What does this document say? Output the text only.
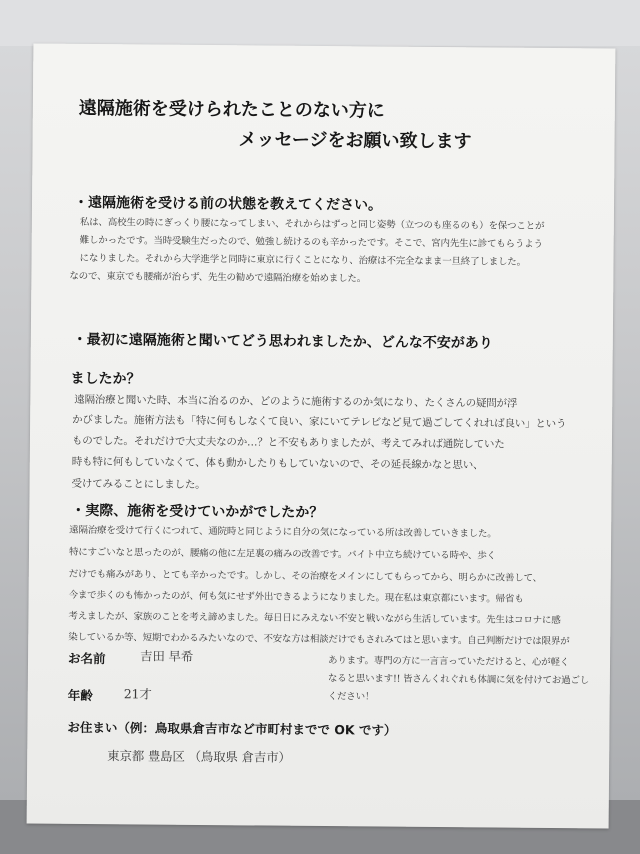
遠隔施術を受けられたことのない方に
メッセージをお願い致します
・遠隔施術を受ける前の状態を教えてください。
私は、高校生の時にぎっくり腰になってしまい、それからはずっと同じ姿勢（立つのも座るのも）を保つことが
難しかったです。当時受験生だったので、勉強し続けるのも辛かったです。そこで、宮内先生に診てもらうよう
になりました。それから大学進学と同時に東京に行くことになり、治療は不完全なまま一旦終了しました。
なので、東京でも腰痛が治らず、先生の勧めで遠隔治療を始めました。
・最初に遠隔施術と聞いてどう思われましたか、どんな不安があり
ましたか？
遠隔治療と聞いた時、本当に治るのか、どのように施術するのか気になり、たくさんの疑問が浮
かびました。施術方法も「特に何もしなくて良い、家にいてテレビなど見て過ごしてくれれば良い」という
ものでした。それだけで大丈夫なのか…？と不安もありましたが、考えてみれば通院していた
時も特に何もしていなくて、体も動かしたりもしていないので、その延長線かなと思い、
受けてみることにしました。
・実際、施術を受けていかがでしたか？
遠隔治療を受けて行くにつれて、通院時と同じように自分の気になっている所は改善していきました。
特にすごいなと思ったのが、腰痛の他に左足裏の痛みの改善です。バイト中立ち続けている時や、歩く
だけでも痛みがあり、とても辛かったです。しかし、その治療をメインにしてもらってから、明らかに改善して、
今まで歩くのも怖かったのが、何も気にせず外出できるようになりました。現在私は東京都にいます。帰省も
考えましたが、家族のことを考え諦めました。毎日日にみえない不安と戦いながら生活しています。先生はコロナに感
染しているか等、短期でわかるみたいなので、不安な方は相談だけでもされみてはと思います。自己判断だけでは限界が
あります。専門の方に一言言っていただけると、心が軽く
なると思います!! 皆さんくれぐれも体調に気を付けてお過ごし
ください！
お名前	吉田 早希
年齢 21才
お住まい（例：鳥取県倉吉市など市町村までで OK です）
東京都 豊島区 （鳥取県 倉吉市）
